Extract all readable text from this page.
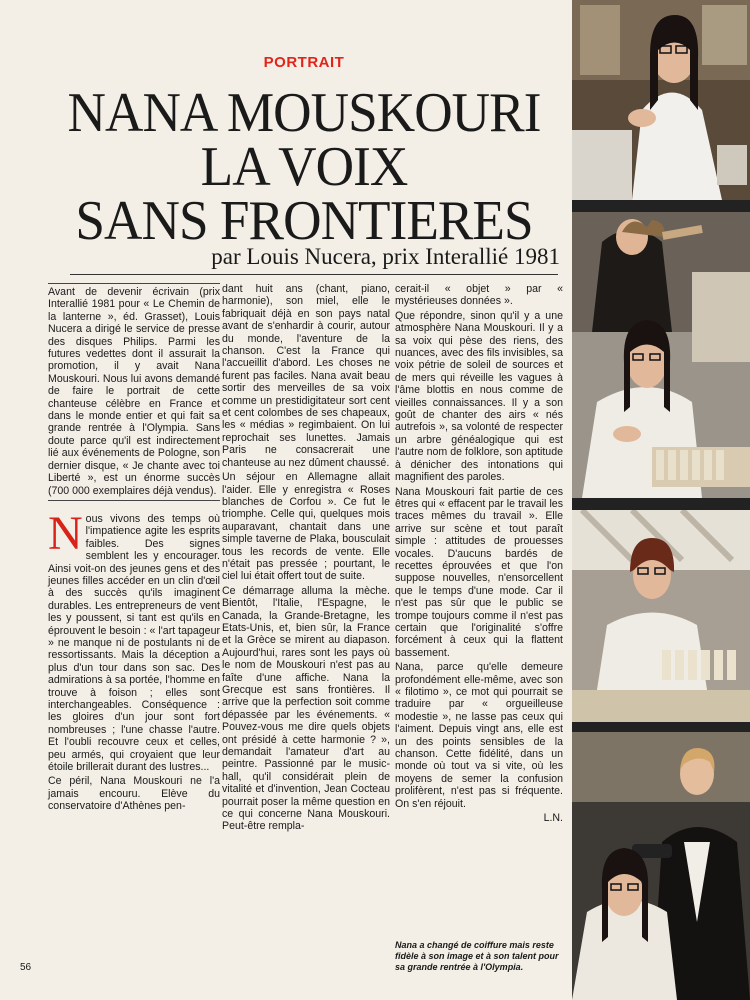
PORTRAIT
NANA MOUSKOURI
LA VOIX
SANS FRONTIERES
par Louis Nucera, prix Interallié 1981
Avant de devenir écrivain (prix Interallié 1981 pour « Le Chemin de la lanterne », éd. Grasset), Louis Nucera a dirigé le service de presse des disques Philips. Parmi les futures vedettes dont il assurait la promotion, il y avait Nana Mouskouri. Nous lui avons demandé de faire le portrait de cette chanteuse célèbre en France et dans le monde entier et qui fait sa grande rentrée à l'Olympia. Sans doute parce qu'il est indirectement lié aux événements de Pologne, son dernier disque, « Je chante avec toi Liberté », est un énorme succès (700 000 exemplaires déjà vendus).

Nous vivons des temps où l'impatience agite les esprits faibles. Des signes semblent les y encourager. Ainsi voit-on des jeunes gens et des jeunes filles accéder en un clin d'œil à des succès qu'ils imaginent durables. Les entrepreneurs de vent les y poussent, si tant est qu'ils en éprouvent le besoin : « l'art tapageur » ne manque ni de postulants ni de ressortissants. Mais la déception a plus d'un tour dans son sac. Des admirations à sa portée, l'homme en trouve à foison ; elles sont interchangeables. Conséquence : les gloires d'un jour sont fort nombreuses ; l'une chasse l'autre. Et l'oubli recouvre ceux et celles, peu armés, qui croyaient que leur étoile brillerait durant des lustres...

Ce péril, Nana Mouskouri ne l'a jamais encouru. Elève du conservatoire d'Athènes pen-

dant huit ans (chant, piano, harmonie), son miel, elle le fabriquait déjà en son pays natal avant de s'enhardir à courir, autour du monde, l'aventure de la chanson. C'est la France qui l'accueillit d'abord. Les choses ne furent pas faciles. Nana avait beau sortir des merveilles de sa voix comme un prestidigitateur sort cent et cent colombes de ses chapeaux, les « médias » regimbaient. On lui reprochait ses lunettes. Jamais Paris ne consacrerait une chanteuse au nez dûment chaussé.

Un séjour en Allemagne allait l'aider. Elle y enregistra « Roses blanches de Corfou ». Ce fut le triomphe. Celle qui, quelques mois auparavant, chantait dans une simple taverne de Plaka, bousculait tous les records de vente. Elle n'était pas pressée ; pourtant, le ciel lui était offert tout de suite.

Ce démarrage alluma la mèche. Bientôt, l'Italie, l'Espagne, le Canada, la Grande-Bretagne, les Etats-Unis, et, bien sûr, la France et la Grèce se mirent au diapason. Aujourd'hui, rares sont les pays où le nom de Mouskouri n'est pas au faîte d'une affiche. Nana la Grecque est sans frontières. Il arrive que la perfection soit comme dépassée par les événements. « Pouvez-vous me dire quels objets ont présidé à cette harmonie ? », demandait l'amateur d'art au peintre. Passionné par le music-hall, qu'il considérait plein de vitalité et d'invention, Jean Cocteau pourrait poser la même question en ce qui concerne Nana Mouskouri. Peut-être rempla-

cerait-il « objet » par « mystérieuses données ».

Que répondre, sinon qu'il y a une atmosphère Nana Mouskouri. Il y a sa voix qui pèse des riens, des nuances, avec des fils invisibles, sa voix pétrie de soleil de sources et de mers qui réveille les vagues à l'âme blottis en nous comme de vieilles connaissances. Il y a son goût de chanter des airs « nés autrefois », sa volonté de respecter un arbre généalogique qui est l'autre nom de folklore, son aptitude à dénicher des intonations qui magnifient des paroles.

Nana Mouskouri fait partie de ces êtres qui « effacent par le travail les traces mêmes du travail ». Elle arrive sur scène et tout paraît simple : attitudes de prouesses vocales. D'aucuns bardés de recettes éprouvées et que l'on suppose nouvelles, n'ensorcellent que le temps d'une mode. Car il n'est pas sûr que le public se trompe toujours comme il n'est pas certain que l'originalité s'offre forcément à ceux qui la flattent bassement.

Nana, parce qu'elle demeure profondément elle-même, avec son « filotimo », ce mot qui pourrait se traduire par « orgueilleuse modestie », ne lasse pas ceux qui l'aiment. Depuis vingt ans, elle est un des points sensibles de la chanson. Cette fidélité, dans un monde où tout va si vite, où les moyens de semer la confusion prolifèrent, n'est pas si fréquente. On s'en réjouit.

L.N.

Nana a changé de coiffure mais reste fidèle à son image et à son talent pour sa grande rentrée à l'Olympia.
56
